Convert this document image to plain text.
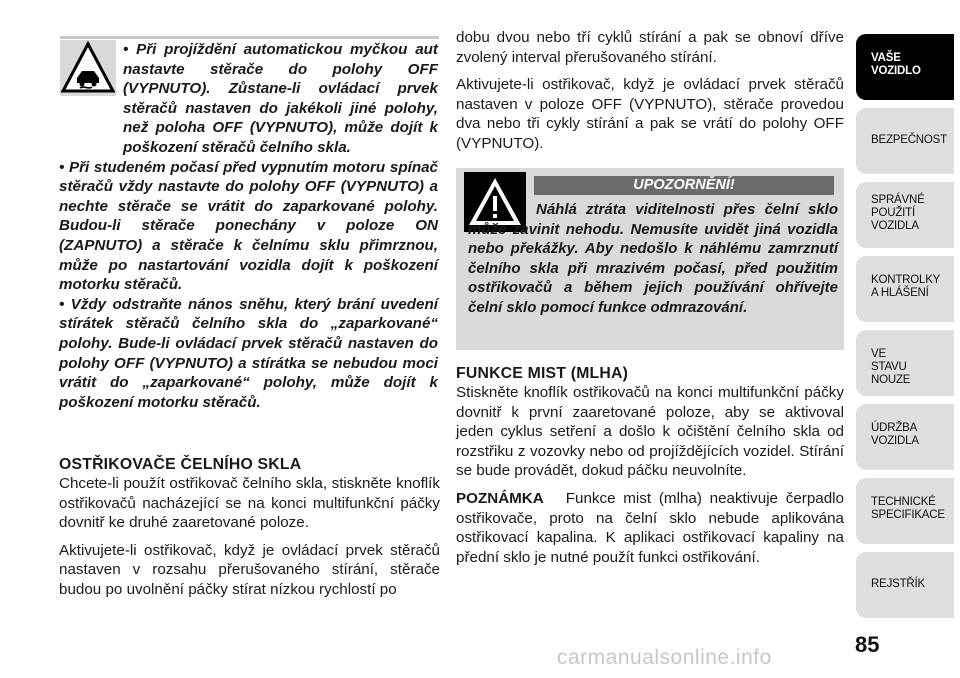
• Při projíždění automatickou myčkou aut nastavte stěrače do polohy OFF (VYPNUTO). Zůstane-li ovládací prvek stěračů nastaven do jakékoli jiné polohy, než poloha OFF (VYPNUTO), může dojít k poškození stěračů čelního skla.
• Při studeném počasí před vypnutím motoru spínač stěračů vždy nastavte do polohy OFF (VYPNUTO) a nechte stěrače se vrátit do zaparkované polohy. Budou-li stěrače ponechány v poloze ON (ZAPNUTO) a stěrače k čelnímu sklu přimrznou, může po nastartování vozidla dojít k poškození motorku stěračů.
• Vždy odstraňte nános sněhu, který brání uvedení stírátek stěračů čelního skla do „zaparkované“ polohy. Bude-li ovládací prvek stěračů nastaven do polohy OFF (VYPNUTO) a stírátka se nebudou moci vrátit do „zaparkované“ polohy, může dojít k poškození motorku stěračů.
OSTŘIKOVAČE ČELNÍHO SKLA
Chcete-li použít ostřikovač čelního skla, stiskněte knoflík ostřikovačů nacházející se na konci multifunkční páčky dovnitř ke druhé zaaretované poloze.
Aktivujete-li ostřikovač, když je ovládací prvek stěračů nastaven v rozsahu přerušovaného stírání, stěrače budou po uvolnění páčky stírat nízkou rychlostí po
dobu dvou nebo tří cyklů stírání a pak se obnoví dříve zvolený interval přerušovaného stírání.
Aktivujete-li ostřikovač, když je ovládací prvek stěračů nastaven v poloze OFF (VYPNUTO), stěrače provedou dva nebo tři cykly stírání a pak se vrátí do polohy OFF (VYPNUTO).
UPOZORNĚNÍ!
Náhlá ztráta viditelnosti přes čelní sklo může zavinit nehodu. Nemusíte uvidět jiná vozidla nebo překážky. Aby nedošlo k náhlému zamrznutí čelního skla při mrazivém počasí, před použitím ostřikovačů a během jejich používání ohřívejte čelní sklo pomocí funkce odmrazování.
FUNKCE MIST (MLHA)
Stiskněte knoflík ostřikovačů na konci multifunkční páčky dovnitř k první zaaretované poloze, aby se aktivoval jeden cyklus setření a došlo k očištění čelního skla od rozstřiku z vozovky nebo od projíždějících vozidel. Stírání se bude provádět, dokud páčku neuvolníte.
POZNÁMKA Funkce mist (mlha) neaktivuje čerpadlo ostřikovače, proto na čelní sklo nebude aplikována ostřikovací kapalina. K aplikaci ostřikovací kapaliny na přední sklo je nutné použít funkci ostřikování.
VAŠE VOZIDLO
BEZPEČNOST
SPRÁVNÉ POUŽITÍ VOZIDLA
KONTROLKY A HLÁŠENÍ
VE STAVU NOUZE
ÚDRŽBA VOZIDLA
TECHNICKÉ SPECIFIKACE
REJSTŘÍK
85
carmanualsonline.info
